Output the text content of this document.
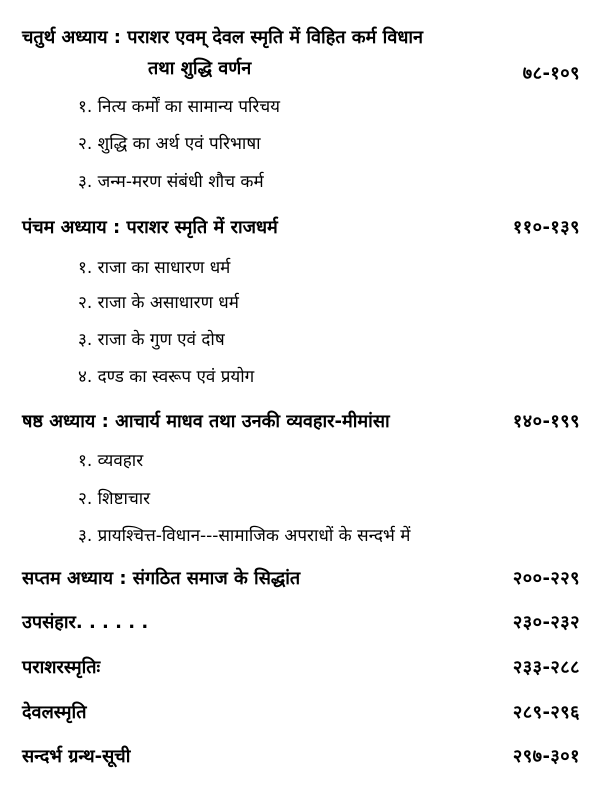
चतुर्थ अध्याय : पराशर एवम् देवल स्मृति में विहित कर्म विधान
तथा शुद्धि वर्णन	७८-१०९
१. नित्य कर्मों का सामान्य परिचय
२. शुद्धि का अर्थ एवं परिभाषा
३. जन्म-मरण संबंधी शौच कर्म
पंचम अध्याय : पराशर स्मृति में राजधर्म	११०-१३९
१. राजा का साधारण धर्म
२. राजा के असाधारण धर्म
३. राजा के गुण एवं दोष
४. दण्ड का स्वरूप एवं प्रयोग
षष्ठ अध्याय : आचार्य माधव तथा उनकी व्यवहार-मीमांसा	१४०-१९९
१. व्यवहार
२. शिष्टाचार
३. प्रायश्चित्त-विधान---सामाजिक अपराधों के सन्दर्भ में
सप्तम अध्याय : संगठित समाज के सिद्धांत	२००-२२९
उपसंहार. . . . . .	२३०-२३२
पराशरस्मृतिः	२३३-२८८
देवलस्मृति	२८९-२९६
सन्दर्भ ग्रन्थ-सूची	२९७-३०१
